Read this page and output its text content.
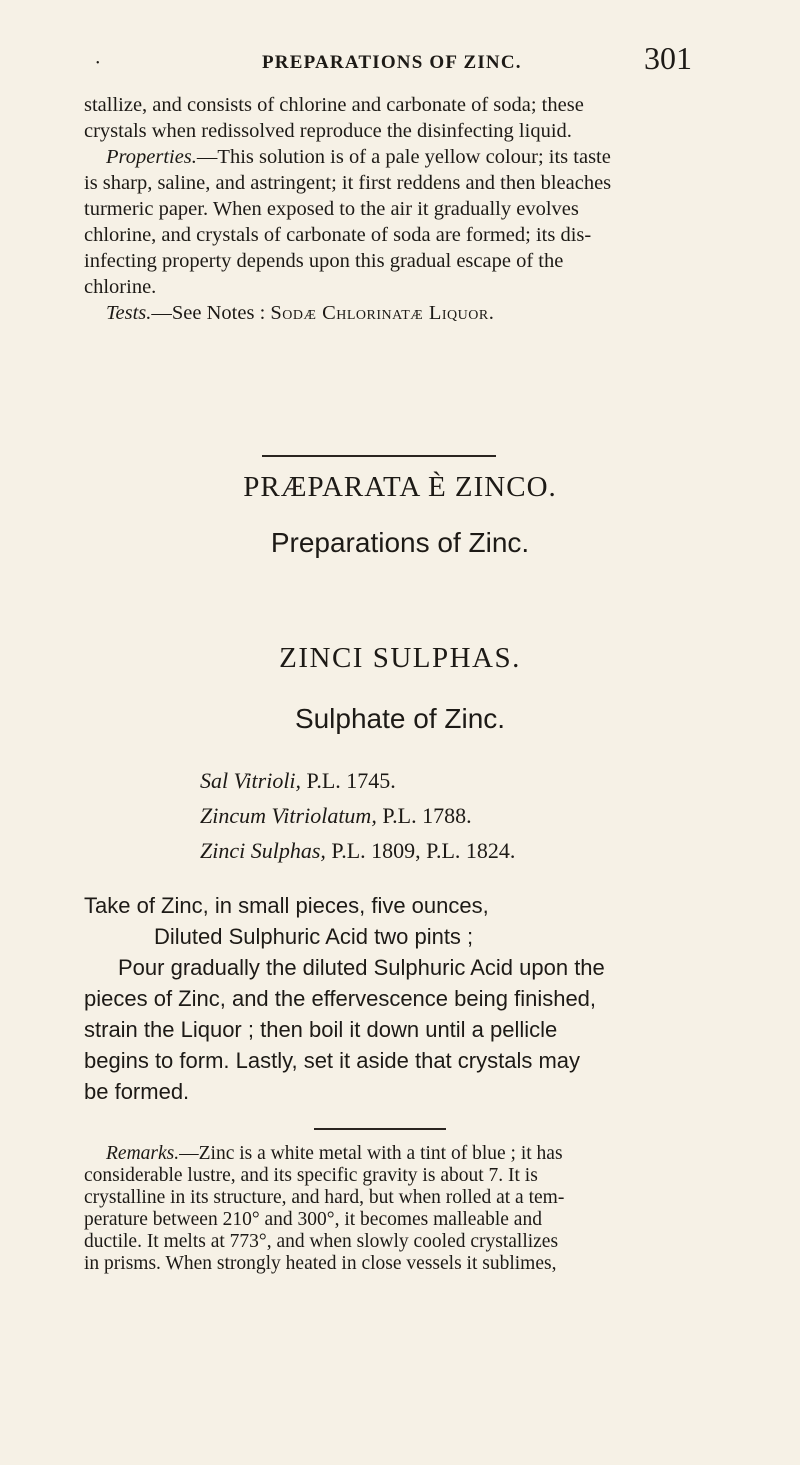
PREPARATIONS OF ZINC.	301
•
stallize, and consists of chlorine and carbonate of soda; these
crystals when redissolved reproduce the disinfecting liquid.
Properties.—This solution is of a pale yellow colour; its taste
is sharp, saline, and astringent; it first reddens and then bleaches
turmeric paper. When exposed to the air it gradually evolves
chlorine, and crystals of carbonate of soda are formed; its dis-
infecting property depends upon this gradual escape of the
chlorine.
Tests.—See Notes : Sodæ Chlorinatæ Liquor.
PRÆPARATA È ZINCO.
Preparations of Zinc.
ZINCI SULPHAS.
Sulphate of Zinc.
Sal Vitrioli, P.L. 1745.
Zincum Vitriolatum, P.L. 1788.
Zinci Sulphas, P.L. 1809, P.L. 1824.
Take of Zinc, in small pieces, five ounces,
Diluted Sulphuric Acid two pints ;
Pour gradually the diluted Sulphuric Acid upon the
pieces of Zinc, and the effervescence being finished,
strain the Liquor ; then boil it down until a pellicle
begins to form. Lastly, set it aside that crystals may
be formed.
Remarks.—Zinc is a white metal with a tint of blue ; it has
considerable lustre, and its specific gravity is about 7. It is
crystalline in its structure, and hard, but when rolled at a tem-
perature between 210° and 300°, it becomes malleable and
ductile. It melts at 773°, and when slowly cooled crystallizes
in prisms. When strongly heated in close vessels it sublimes,
